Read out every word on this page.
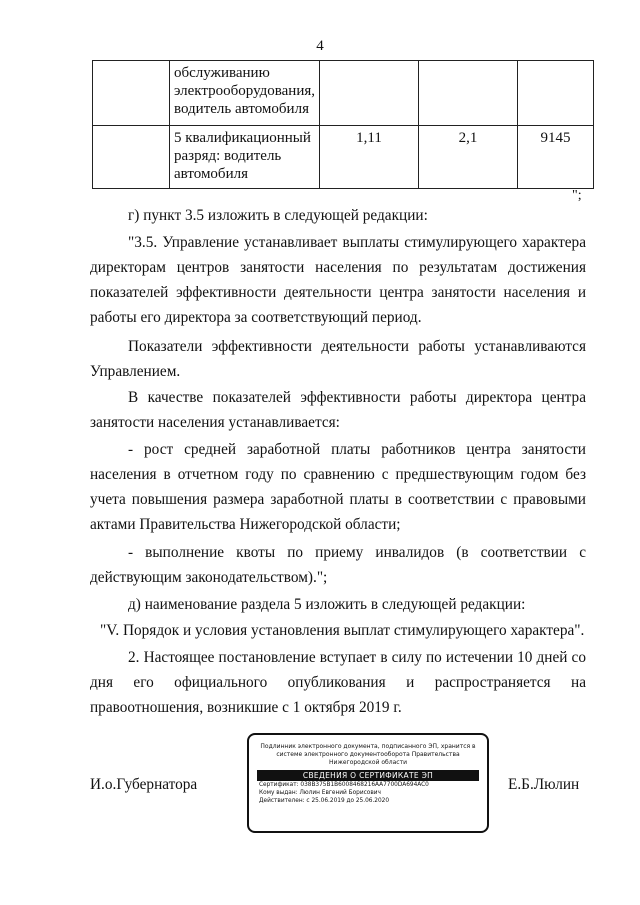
4
	обслуживанию электрооборудования, водитель автомобиля			
	5 квалификационный разряд: водитель автомобиля	1,11	2,1	9145
";

г) пункт 3.5 изложить в следующей редакции:

"3.5. Управление устанавливает выплаты стимулирующего характера директорам центров занятости населения по результатам достижения показателей эффективности деятельности центра занятости населения и работы его директора за соответствующий период.

Показатели эффективности деятельности работы устанавливаются Управлением.

В качестве показателей эффективности работы директора центра занятости населения устанавливается:

- рост средней заработной платы работников центра занятости населения в отчетном году по сравнению с предшествующим годом без учета повышения размера заработной платы в соответствии с правовыми актами Правительства Нижегородской области;

- выполнение квоты по приему инвалидов (в соответствии с действующим законодательством).";

д) наименование раздела 5 изложить в следующей редакции:

"V. Порядок и условия установления выплат стимулирующего характера".

2. Настоящее постановление вступает в силу по истечении 10 дней со дня его официального опубликования и распространяется на правоотношения, возникшие с 1 октября 2019 г.

И.о.Губернатора	Е.Б.Люлин
Подлинник электронного документа, подписанного ЭП, хранится в системе электронного документооборота Правительства Нижегородской области
СВЕДЕНИЯ О СЕРТИФИКАТЕ ЭП
Сертификат: 038B375B1B6008468216AA7700DA694AC0
Кому выдан: Люлин Евгений Борисович
Действителен: с 25.06.2019 до 25.06.2020
